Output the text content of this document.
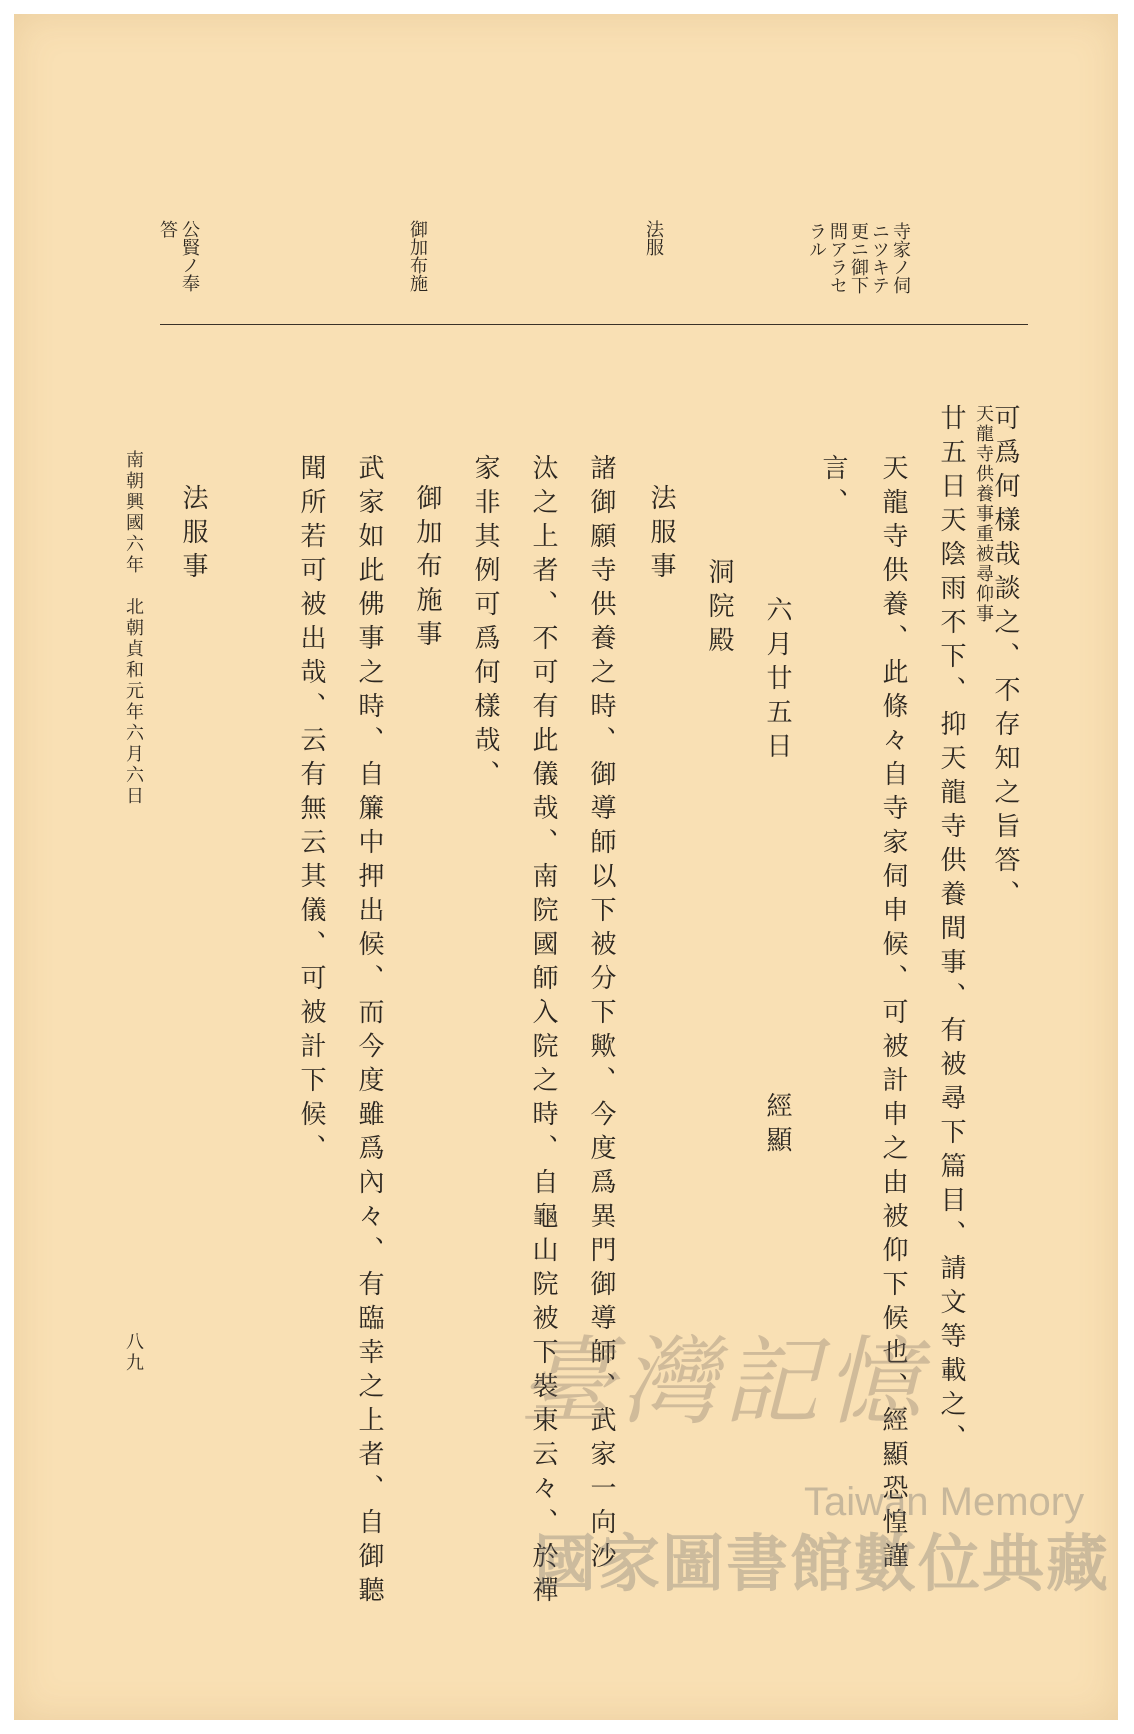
寺家ノ伺
ニツキテ
更ニ御下
問アラセ
ラル
法服
御加布施
公賢ノ奉
答
可爲何樣哉談之、不存知之旨答、
天龍寺供養事重被尋仰事
廿五日天陰雨不下、抑天龍寺供養間事、有被尋下篇目、請文等載之、
言、 天龍寺供養、此條々自寺家伺申候、可被計申之由被仰下候也、經顯恐惶謹
六月廿五日
經顯
洞院殿
法服事
諸御願寺供養之時、御導師以下被分下歟、今度爲異門御導師、武家一向沙
汰之上者、不可有此儀哉、南院國師入院之時、自龜山院被下裝束云々、於禪
家非其例可爲何樣哉、
御加布施事
武家如此佛事之時、自簾中押出候、而今度雖爲內々、有臨幸之上者、自御聽
聞所若可被出哉、云有無云其儀、可被計下候、
法服事
南朝興國六年　北朝貞和元年六月六日
八九	臺灣記憶
Taiwan Memory
國家圖書館數位典藏
